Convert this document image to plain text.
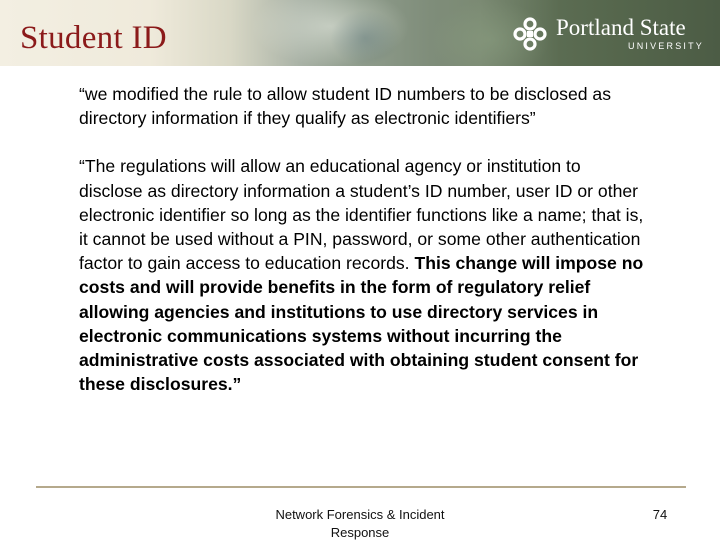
Student ID	Portland State
UNIVERSITY

“we modified the rule to allow student ID numbers to be disclosed as directory information if they qualify as electronic identifiers”

“The regulations will allow an educational agency or institution to disclose as directory information a student’s ID number, user ID or other electronic identifier so long as the identifier functions like a name; that is, it cannot be used without a PIN, password, or some other authentication factor to gain access to education records. This change will impose no costs and will provide benefits in the form of regulatory relief allowing agencies and institutions to use directory services in electronic communications systems without incurring the administrative costs associated with obtaining student consent for these disclosures.”

Network Forensics & Incident Response
74
